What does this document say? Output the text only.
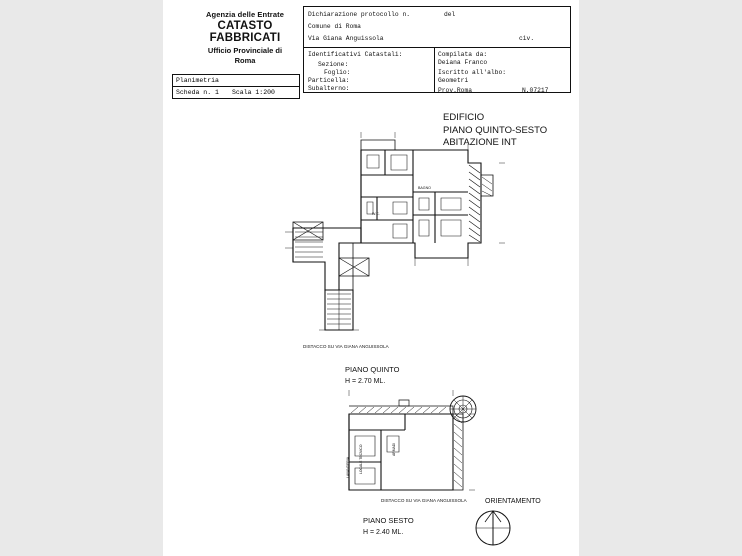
Agenzia delle Entrate
CATASTO FABBRICATI
Ufficio Provinciale di
Roma
Planimetria
Scheda n. 1	Scala 1:200
Dichiarazione protocollo n.	del
Comune di Roma
Via Giana Anguissola	civ.
Identificativi Catastali:
Sezione:
Foglio:
Particella:
Subalterno:
Compilata da:
Deiana Franco
Iscritto all'albo:
Geometri
Prov.Roma	N.07217
EDIFICIO
PIANO QUINTO-SESTO
ABITAZIONE INT
LOCALE TECNICO	ARMADI
LAVANDERIA
W.C.
BAGNO
DISTACCO SU VIA GIANA ANGUISSOLA
PIANO QUINTO
H = 2.70 ML.
DISTACCO SU VIA GIANA ANGUISSOLA
PIANO SESTO
H = 2.40 ML.
ORIENTAMENTO
